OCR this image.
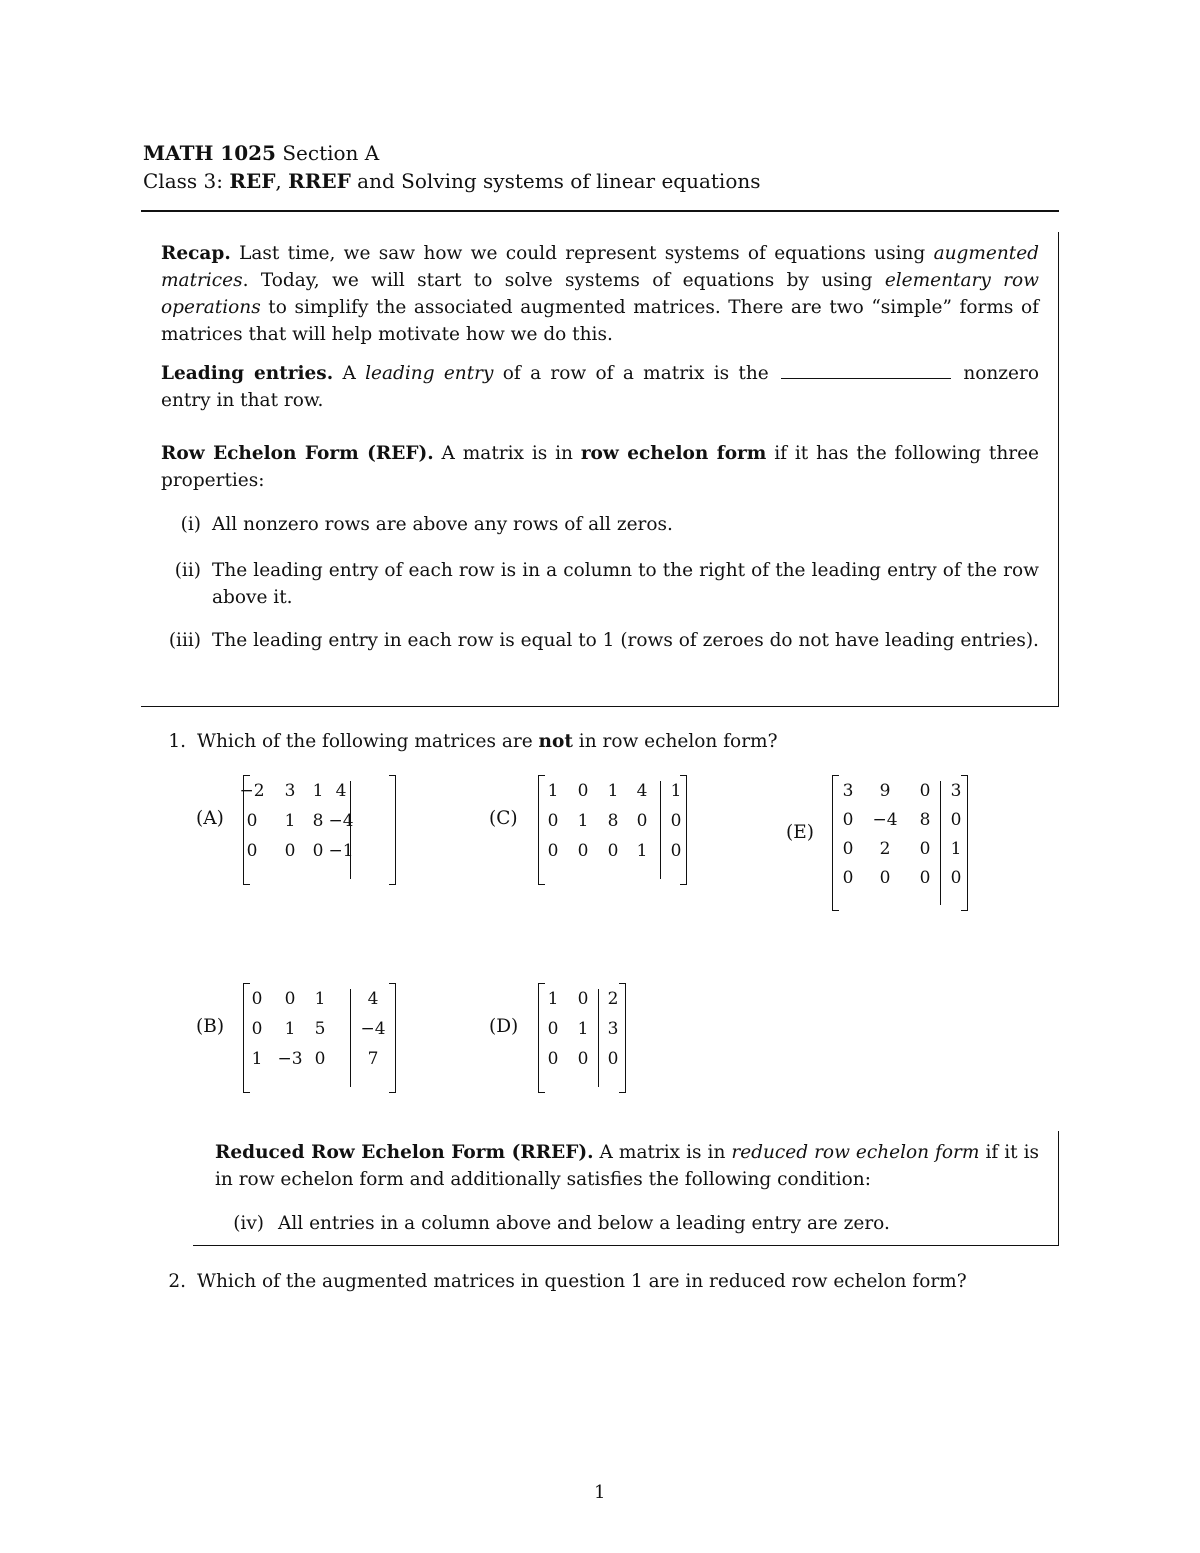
MATH 1025 Section A
Class 3: REF, RREF and Solving systems of linear equations
Recap. Last time, we saw how we could represent systems of equations using augmented matrices. Today, we will start to solve systems of equations by using elementary row operations to simplify the associated augmented matrices. There are two “simple” forms of matrices that will help motivate how we do this.
Leading entries. A leading entry of a row of a matrix is the	nonzero entry in that row.
Row Echelon Form (REF). A matrix is in row echelon form if it has the following three properties:
(i) All nonzero rows are above any rows of all zeros.
(ii) The leading entry of each row is in a column to the right of the leading entry of the row above it.
(iii) The leading entry in each row is equal to 1 (rows of zeroes do not have leading entries).
1. Which of the following matrices are not in row echelon form?
(A)	(C)
(E)
(B)	(D)
−2	3	1 4
0	1	8 −4
0	0	0 −1
1	0	1	4	1
0	1	8	0	0
0	0	0	1	0
3	9	0	3
0	−4	8	0
0	2	0	1
0	0	0	0
0	0	1	4
0	1	5	−4
1 −3 0	7
1	0	2
0	1	3
0	0	0
Reduced Row Echelon Form (RREF). A matrix is in reduced row echelon form if it is in row echelon form and additionally satisfies the following condition:
(iv) All entries in a column above and below a leading entry are zero.
2. Which of the augmented matrices in question 1 are in reduced row echelon form?
1
